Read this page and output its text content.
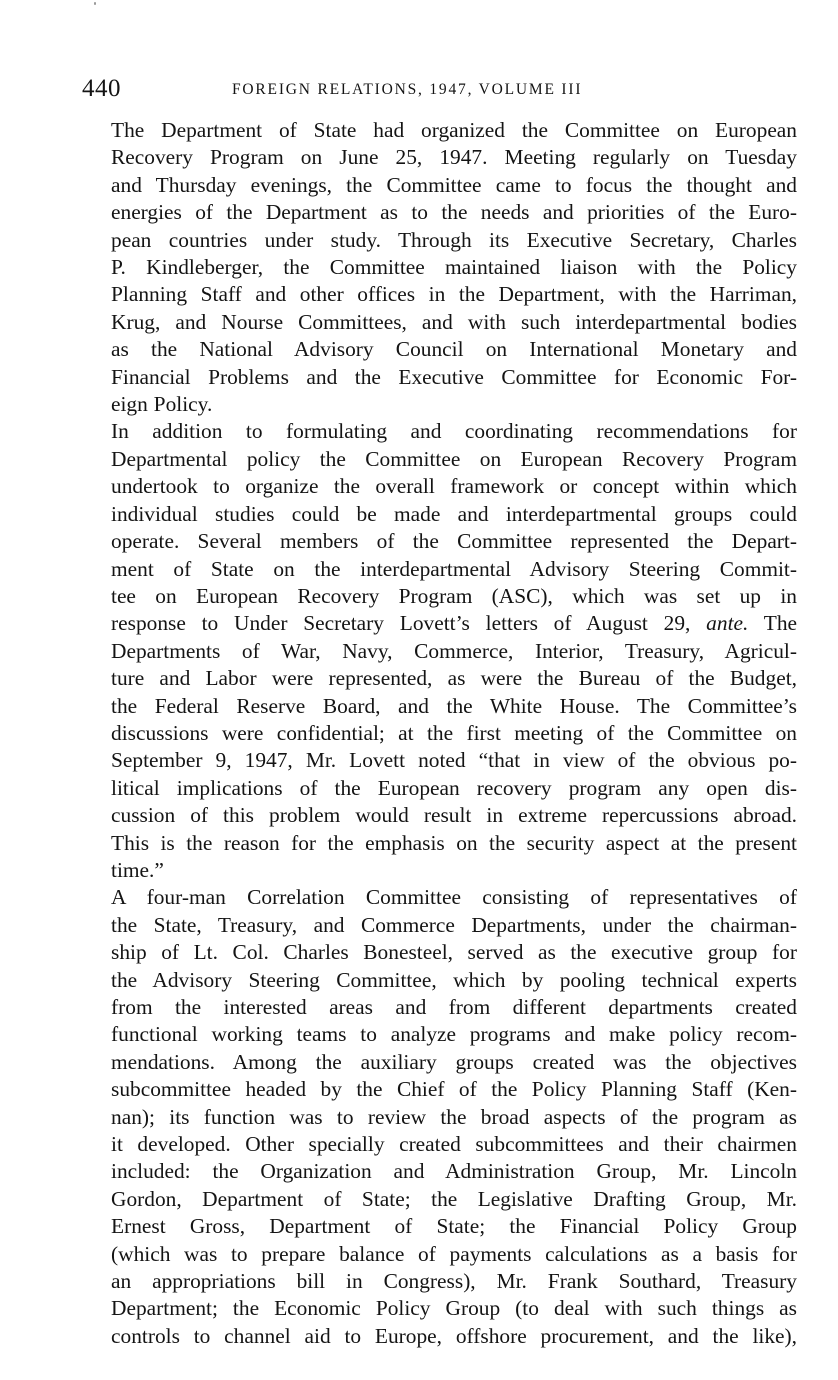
440	FOREIGN RELATIONS, 1947, VOLUME III

The Department of State had organized the Committee on European
Recovery Program on June 25, 1947. Meeting regularly on Tuesday
and Thursday evenings, the Committee came to focus the thought and
energies of the Department as to the needs and priorities of the Euro-
pean countries under study. Through its Executive Secretary, Charles
P. Kindleberger, the Committee maintained liaison with the Policy
Planning Staff and other offices in the Department, with the Harriman,
Krug, and Nourse Committees, and with such interdepartmental bodies
as the National Advisory Council on International Monetary and
Financial Problems and the Executive Committee for Economic For-
eign Policy.

In addition to formulating and coordinating recommendations for
Departmental policy the Committee on European Recovery Program
undertook to organize the overall framework or concept within which
individual studies could be made and interdepartmental groups could
operate. Several members of the Committee represented the Depart-
ment of State on the interdepartmental Advisory Steering Commit-
tee on European Recovery Program (ASC), which was set up in
response to Under Secretary Lovett’s letters of August 29, ante. The
Departments of War, Navy, Commerce, Interior, Treasury, Agricul-
ture and Labor were represented, as were the Bureau of the Budget,
the Federal Reserve Board, and the White House. The Committee’s
discussions were confidential; at the first meeting of the Committee on
September 9, 1947, Mr. Lovett noted “that in view of the obvious po-
litical implications of the European recovery program any open dis-
cussion of this problem would result in extreme repercussions abroad.
This is the reason for the emphasis on the security aspect at the present
time.”

A four-man Correlation Committee consisting of representatives of
the State, Treasury, and Commerce Departments, under the chairman-
ship of Lt. Col. Charles Bonesteel, served as the executive group for
the Advisory Steering Committee, which by pooling technical experts
from the interested areas and from different departments created
functional working teams to analyze programs and make policy recom-
mendations. Among the auxiliary groups created was the objectives
subcommittee headed by the Chief of the Policy Planning Staff (Ken-
nan); its function was to review the broad aspects of the program as
it developed. Other specially created subcommittees and their chairmen
included: the Organization and Administration Group, Mr. Lincoln
Gordon, Department of State; the Legislative Drafting Group, Mr.
Ernest Gross, Department of State; the Financial Policy Group
(which was to prepare balance of payments calculations as a basis for
an appropriations bill in Congress), Mr. Frank Southard, Treasury
Department; the Economic Policy Group (to deal with such things as
controls to channel aid to Europe, offshore procurement, and the like),
